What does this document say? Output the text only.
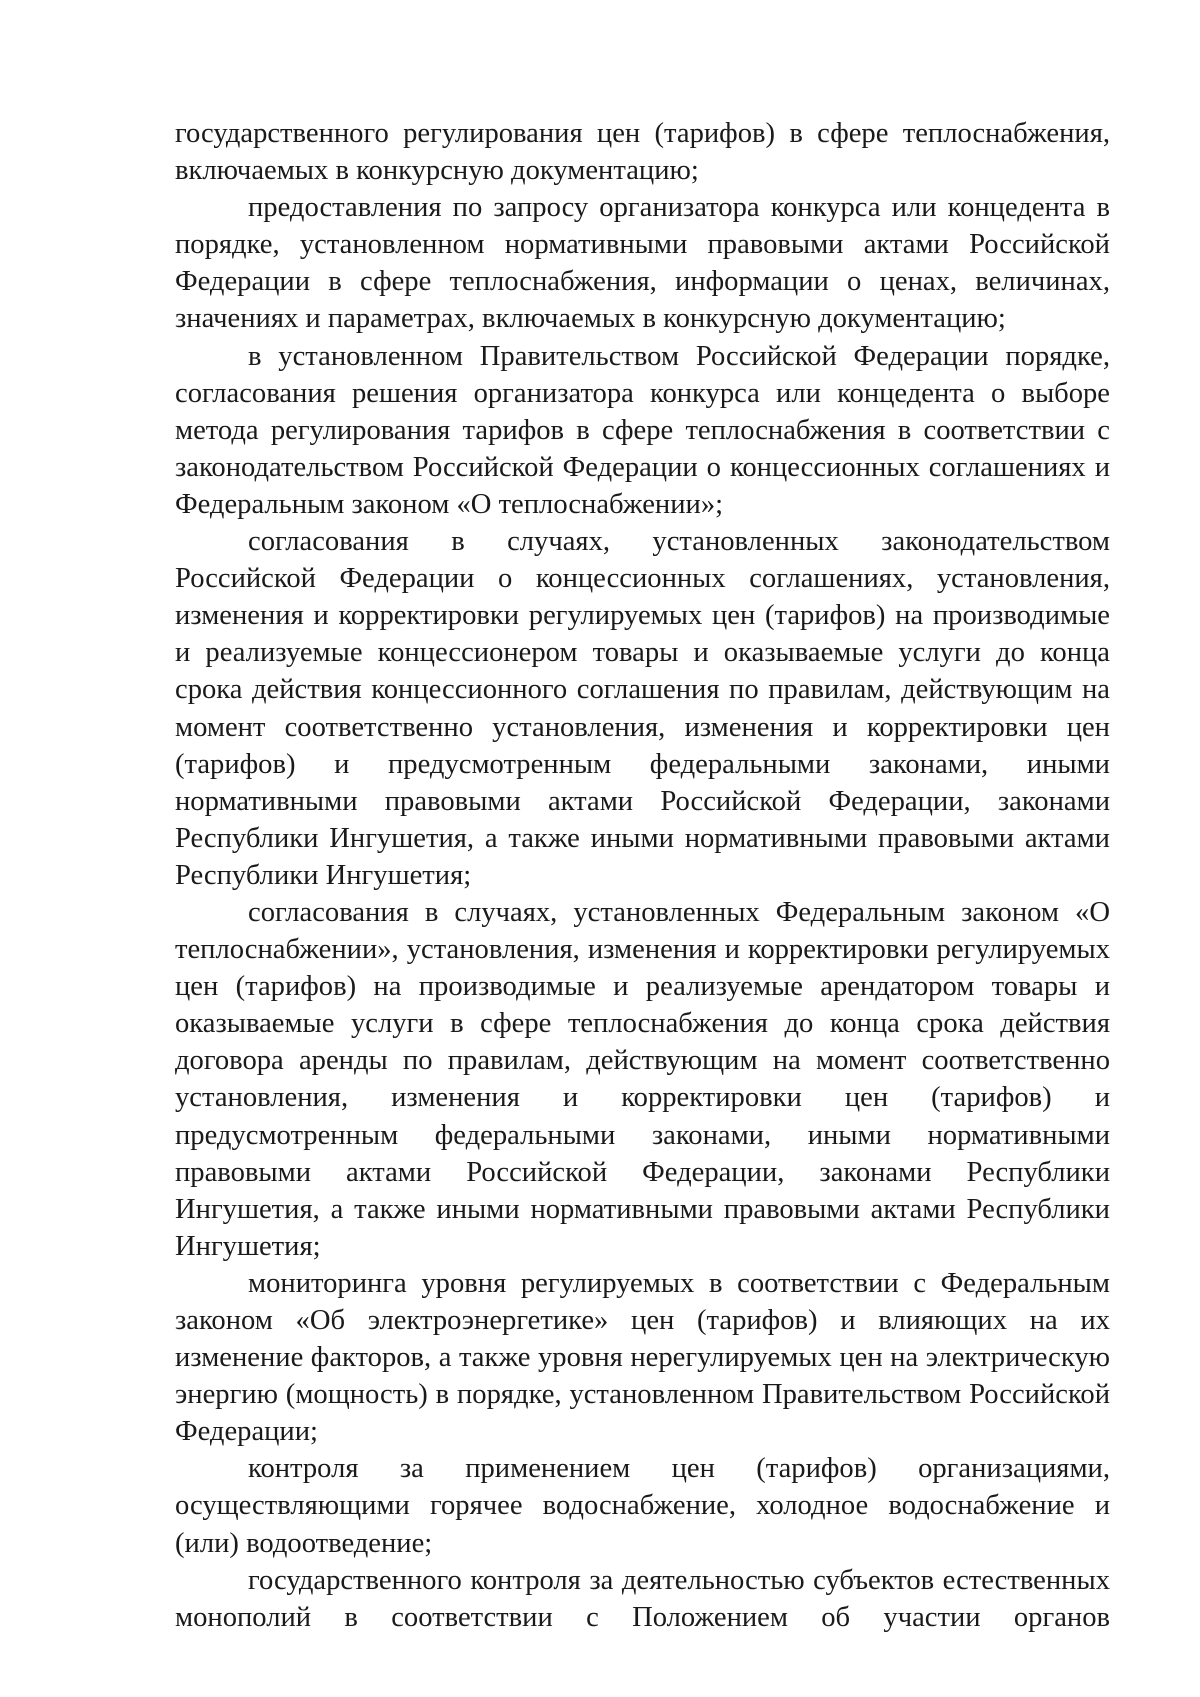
государственного регулирования цен (тарифов) в сфере теплоснабжения, включаемых в конкурсную документацию;

предоставления по запросу организатора конкурса или концедента в порядке, установленном нормативными правовыми актами Российской Федерации в сфере теплоснабжения, информации о ценах, величинах, значениях и параметрах, включаемых в конкурсную документацию;

в установленном Правительством Российской Федерации порядке, согласования решения организатора конкурса или концедента о выборе метода регулирования тарифов в сфере теплоснабжения в соответствии с законодательством Российской Федерации о концессионных соглашениях и Федеральным законом «О теплоснабжении»;

согласования в случаях, установленных законодательством Российской Федерации о концессионных соглашениях, установления, изменения и корректировки регулируемых цен (тарифов) на производимые и реализуемые концессионером товары и оказываемые услуги до конца срока действия концессионного соглашения по правилам, действующим на момент соответственно установления, изменения и корректировки цен (тарифов) и предусмотренным федеральными законами, иными нормативными правовыми актами Российской Федерации, законами Республики Ингушетия, а также иными нормативными правовыми актами Республики Ингушетия;

согласования в случаях, установленных Федеральным законом «О теплоснабжении», установления, изменения и корректировки регулируемых цен (тарифов) на производимые и реализуемые арендатором товары и оказываемые услуги в сфере теплоснабжения до конца срока действия договора аренды по правилам, действующим на момент соответственно установления, изменения и корректировки цен (тарифов) и предусмотренным федеральными законами, иными нормативными правовыми актами Российской Федерации, законами Республики Ингушетия, а также иными нормативными правовыми актами Республики Ингушетия;

мониторинга уровня регулируемых в соответствии с Федеральным законом «Об электроэнергетике» цен (тарифов) и влияющих на их изменение факторов, а также уровня нерегулируемых цен на электрическую энергию (мощность) в порядке, установленном Правительством Российской Федерации;

контроля за применением цен (тарифов) организациями, осуществляющими горячее водоснабжение, холодное водоснабжение и (или) водоотведение;

государственного контроля за деятельностью субъектов естественных монополий в соответствии с Положением об участии органов
